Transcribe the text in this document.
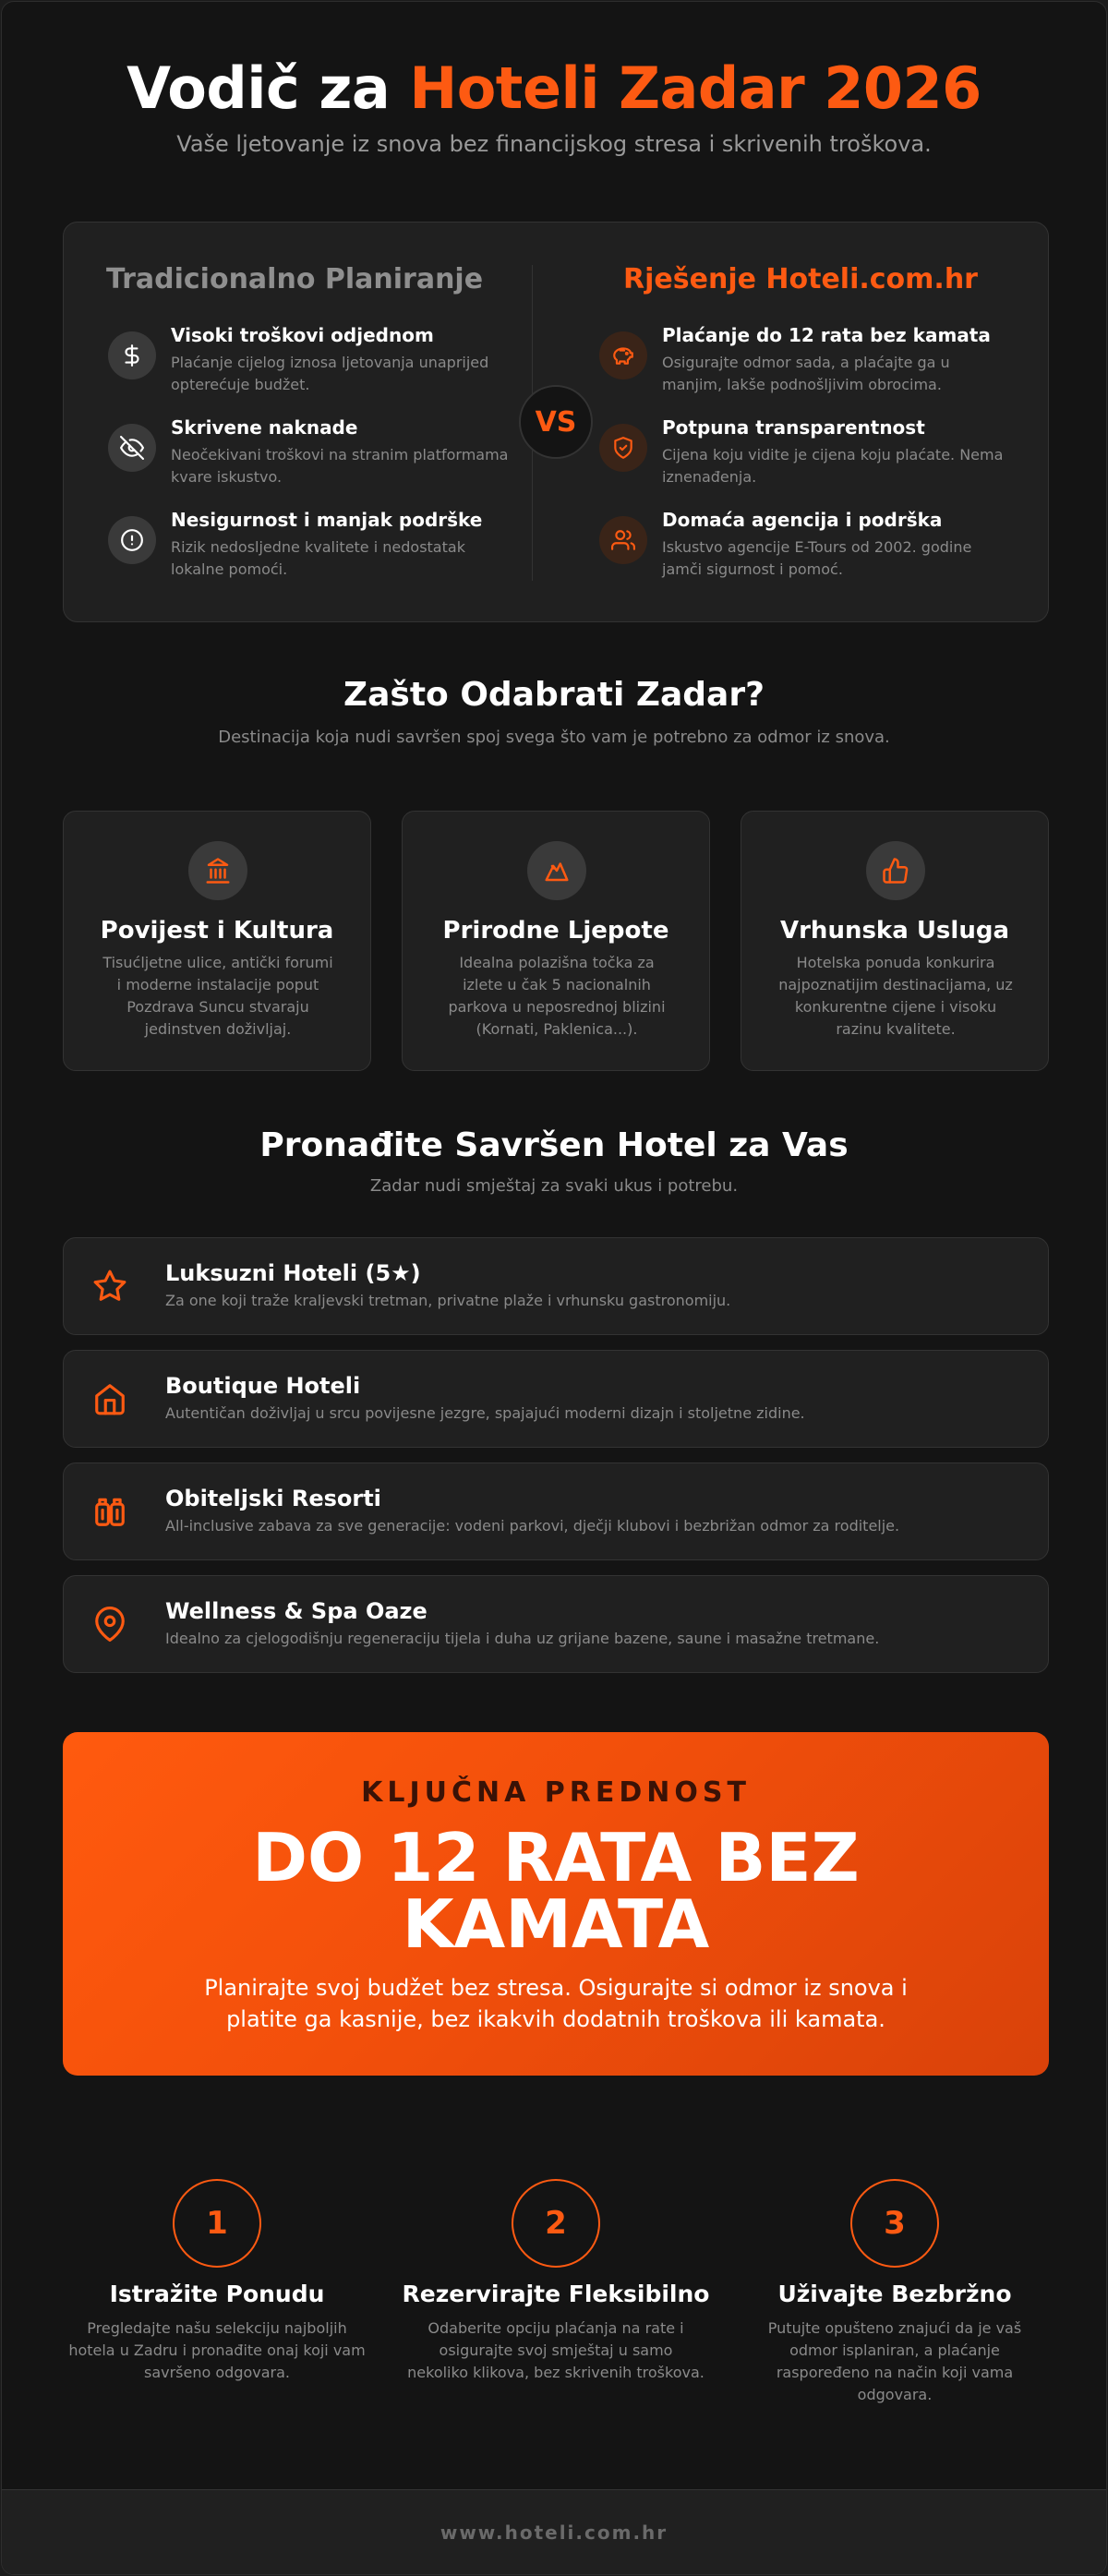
Vodič za Hoteli Zadar 2026
Vaše ljetovanje iz snova bez financijskog stresa i skrivenih troškova.
Tradicionalno Planiranje	Rješenje Hoteli.com.hr
Visoki troškovi odjednom
Plaćanje cijelog iznosa ljetovanja unaprijed opterećuje budžet.
Skrivene naknade
Neočekivani troškovi na stranim platformama kvare iskustvo.
Nesigurnost i manjak podrške
Rizik nedosljedne kvalitete i nedostatak lokalne pomoći.
Plaćanje do 12 rata bez kamata
Osigurajte odmor sada, a plaćajte ga u manjim, lakše podnošljivim obrocima.
Potpuna transparentnost
Cijena koju vidite je cijena koju plaćate. Nema iznenađenja.
Domaća agencija i podrška
Iskustvo agencije E-Tours od 2002. godine jamči sigurnost i pomoć.
VS
Zašto Odabrati Zadar?
Destinacija koja nudi savršen spoj svega što vam je potrebno za odmor iz snova.
Povijest i Kultura
Tisućljetne ulice, antički forumi i moderne instalacije poput Pozdrava Suncu stvaraju jedinstven doživljaj.
Prirodne Ljepote
Idealna polazišna točka za izlete u čak 5 nacionalnih parkova u neposrednoj blizini (Kornati, Paklenica...).
Vrhunska Usluga
Hotelska ponuda konkurira najpoznatijim destinacijama, uz konkurentne cijene i visoku razinu kvalitete.
Pronađite Savršen Hotel za Vas
Zadar nudi smještaj za svaki ukus i potrebu.
Luksuzni Hoteli (5★)
Za one koji traže kraljevski tretman, privatne plaže i vrhunsku gastronomiju.
Boutique Hoteli
Autentičan doživljaj u srcu povijesne jezgre, spajajući moderni dizajn i stoljetne zidine.
Obiteljski Resorti
All-inclusive zabava za sve generacije: vodeni parkovi, dječji klubovi i bezbrižan odmor za roditelje.
Wellness & Spa Oaze
Idealno za cjelogodišnju regeneraciju tijela i duha uz grijane bazene, saune i masažne tretmane.
KLJUČNA PREDNOST
DO 12 RATA BEZ
KAMATA
Planirajte svoj budžet bez stresa. Osigurajte si odmor iz snova i platite ga kasnije, bez ikakvih dodatnih troškova ili kamata.
1
Istražite Ponudu
Pregledajte našu selekciju najboljih hotela u Zadru i pronađite onaj koji vam savršeno odgovara.
2
Rezervirajte Fleksibilno
Odaberite opciju plaćanja na rate i osigurajte svoj smještaj u samo nekoliko klikova, bez skrivenih troškova.
3
Uživajte Bezbržno
Putujte opušteno znajući da je vaš odmor isplaniran, a plaćanje raspoređeno na način koji vama odgovara.
www.hoteli.com.hr
